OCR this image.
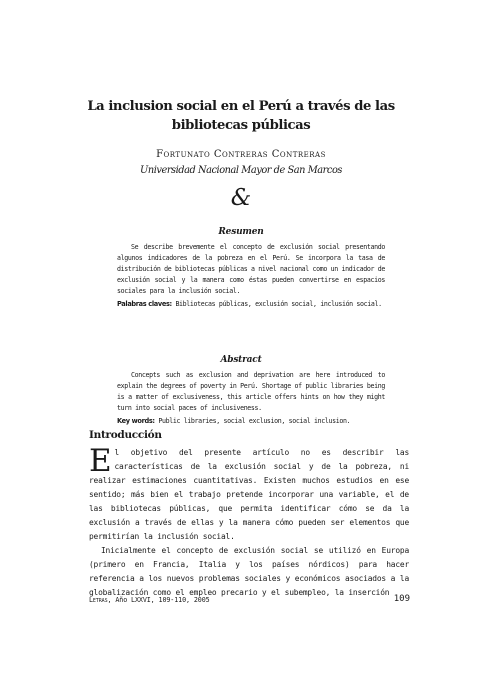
La inclusion social en el Perú a través de las bibliotecas públicas
Fortunato Contreras Contreras
Universidad Nacional Mayor de San Marcos
&
Resumen

Se describe brevemente el concepto de exclusión social presentando algunos indicadores de la pobreza en el Perú. Se incorpora la tasa de distribución de bibliotecas públicas a nivel nacional como un indicador de exclusión social y la manera como éstas pueden convertirse en espacios sociales para la inclusión social.

Palabras claves: Bibliotecas públicas, exclusión social, inclusión social.
Abstract

Concepts such as exclusion and deprivation are here introduced to explain the degrees of poverty in Perú. Shortage of public libraries being is a matter of exclusiveness, this article offers hints on how they might turn into social paces of inclusiveness.

Key words: Public libraries, social exclusion, social inclusion.
Introducción

El objetivo del presente artículo no es describir las características de la exclusión social y de la pobreza, ni realizar estimaciones cuantitativas. Existen muchos estudios en ese sentido; más bien el trabajo pretende incorporar una variable, el de las bibliotecas públicas, que permita identificar cómo se da la exclusión a través de ellas y la manera cómo pueden ser elementos que permitirían la inclusión social.

Inicialmente el concepto de exclusión social se utilizó en Europa (primero en Francia, Italia y los países nórdicos) para hacer referencia a los nuevos problemas sociales y económicos asociados a la globalización como el empleo precario y el subempleo, la inserción

Letras, Año LXXVI, 109-110, 2005	109
